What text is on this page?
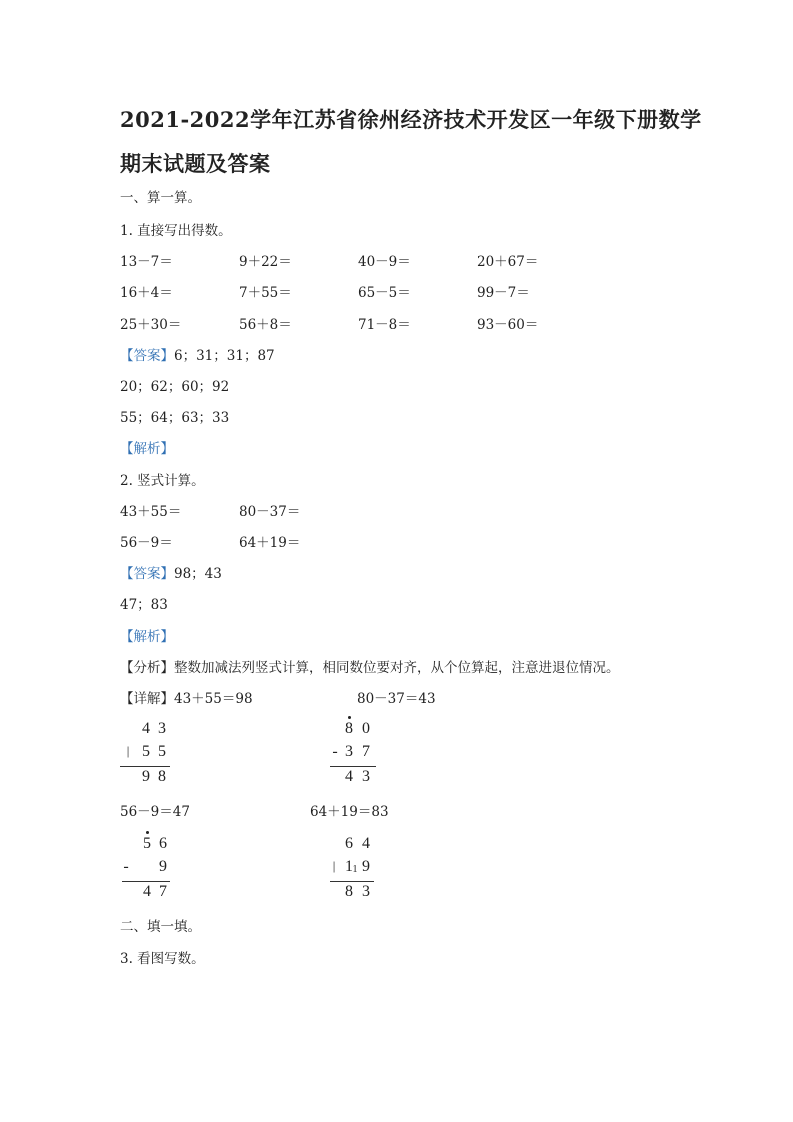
2021-2022学年江苏省徐州经济技术开发区一年级下册数学
期末试题及答案
一、算一算。
1. 直接写出得数。
13－7＝	9＋22＝	40－9＝	20＋67＝
16＋4＝	7＋55＝	65－5＝	99－7＝
25＋30＝	56＋8＝	71－8＝	93－60＝
【答案】6；31；31；87
20；62；60；92
55；64；63；33
【解析】
2. 竖式计算。
43＋55＝	80－37＝
56－9＝	64＋19＝
【答案】98；43
47；83
【解析】
【分析】整数加减法列竖式计算，相同数位要对齐，从个位算起，注意进退位情况。
【详解】43＋55＝98	80－37＝43
4 3
| 5 5
9 8
8 0
- 3 7
4 3
56－9＝47	64＋19＝83
5 6
- 9
4 7
6 4
| 1 1 9
8 3
二、填一填。
3. 看图写数。
